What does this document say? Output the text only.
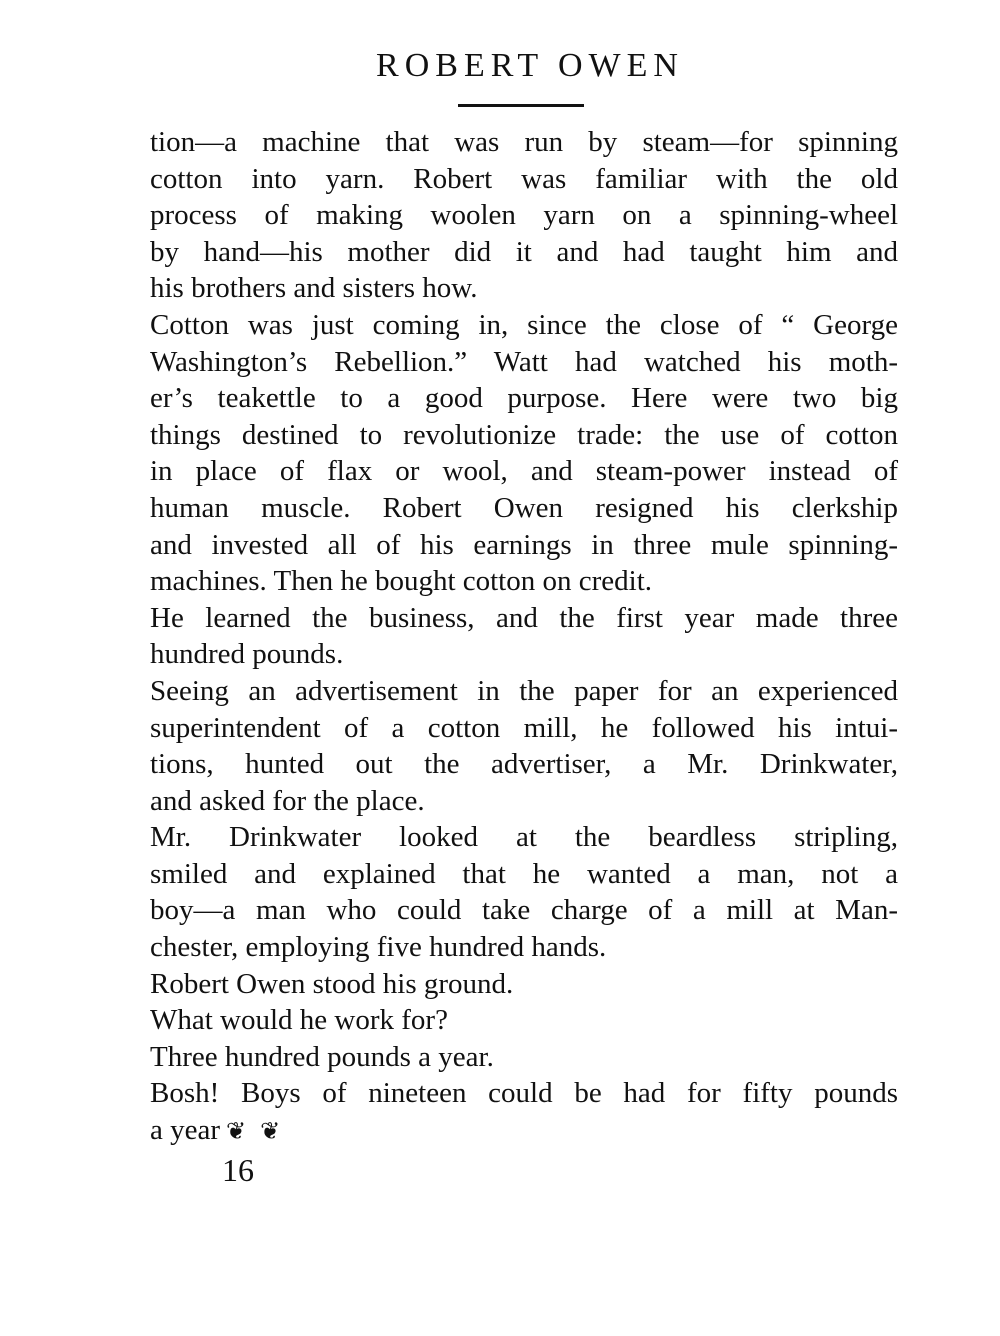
ROBERT OWEN
tion—a machine that was run by steam—for spinning
cotton into yarn. Robert was familiar with the old
process of making woolen yarn on a spinning-wheel
by hand—his mother did it and had taught him and
his brothers and sisters how.
Cotton was just coming in, since the close of “ George
Washington’s Rebellion.” Watt had watched his moth-
er’s teakettle to a good purpose. Here were two big
things destined to revolutionize trade: the use of cotton
in place of flax or wool, and steam-power instead of
human muscle. Robert Owen resigned his clerkship
and invested all of his earnings in three mule spinning-
machines. Then he bought cotton on credit.
He learned the business, and the first year made three
hundred pounds.
Seeing an advertisement in the paper for an experienced
superintendent of a cotton mill, he followed his intui-
tions, hunted out the advertiser, a Mr. Drinkwater,
and asked for the place.
Mr. Drinkwater looked at the beardless stripling,
smiled and explained that he wanted a man, not a
boy—a man who could take charge of a mill at Man-
chester, employing five hundred hands.
Robert Owen stood his ground.
What would he work for?
Three hundred pounds a year.
Bosh! Boys of nineteen could be had for fifty pounds
a year ❦ ❦
16
